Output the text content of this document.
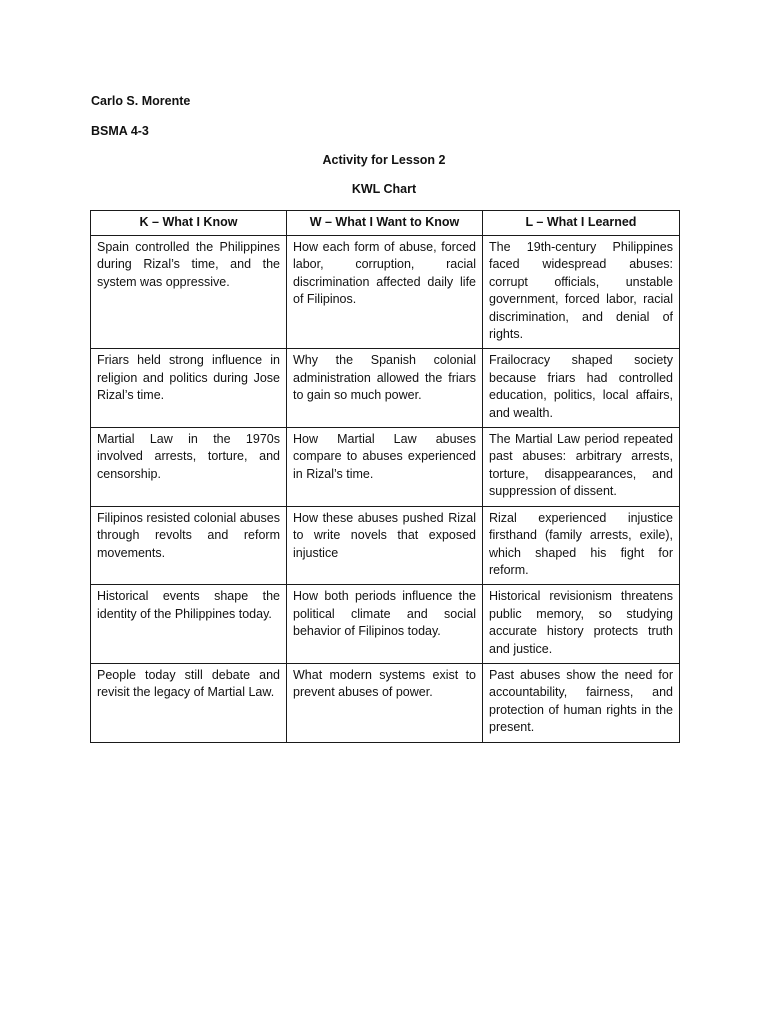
Carlo S. Morente

BSMA 4-3

Activity for Lesson 2

KWL Chart

K – What I Know	W – What I Want to Know	L – What I Learned
Spain controlled the Philippines during Rizal’s time, and the system was oppressive.	How each form of abuse, forced labor, corruption, racial discrimination affected daily life of Filipinos.	The 19th-century Philippines faced widespread abuses: corrupt officials, unstable government, forced labor, racial discrimination, and denial of rights.
Friars held strong influence in religion and politics during Jose Rizal’s time.	Why the Spanish colonial administration allowed the friars to gain so much power.	Frailocracy shaped society because friars had controlled education, politics, local affairs, and wealth.
Martial Law in the 1970s involved arrests, torture, and censorship.	How Martial Law abuses compare to abuses experienced in Rizal’s time.	The Martial Law period repeated past abuses: arbitrary arrests, torture, disappearances, and suppression of dissent.
Filipinos resisted colonial abuses through revolts and reform movements.	How these abuses pushed Rizal to write novels that exposed injustice	Rizal experienced injustice firsthand (family arrests, exile), which shaped his fight for reform.
Historical events shape the identity of the Philippines today.	How both periods influence the political climate and social behavior of Filipinos today.	Historical revisionism threatens public memory, so studying accurate history protects truth and justice.
People today still debate and revisit the legacy of Martial Law.	What modern systems exist to prevent abuses of power.	Past abuses show the need for accountability, fairness, and protection of human rights in the present.
